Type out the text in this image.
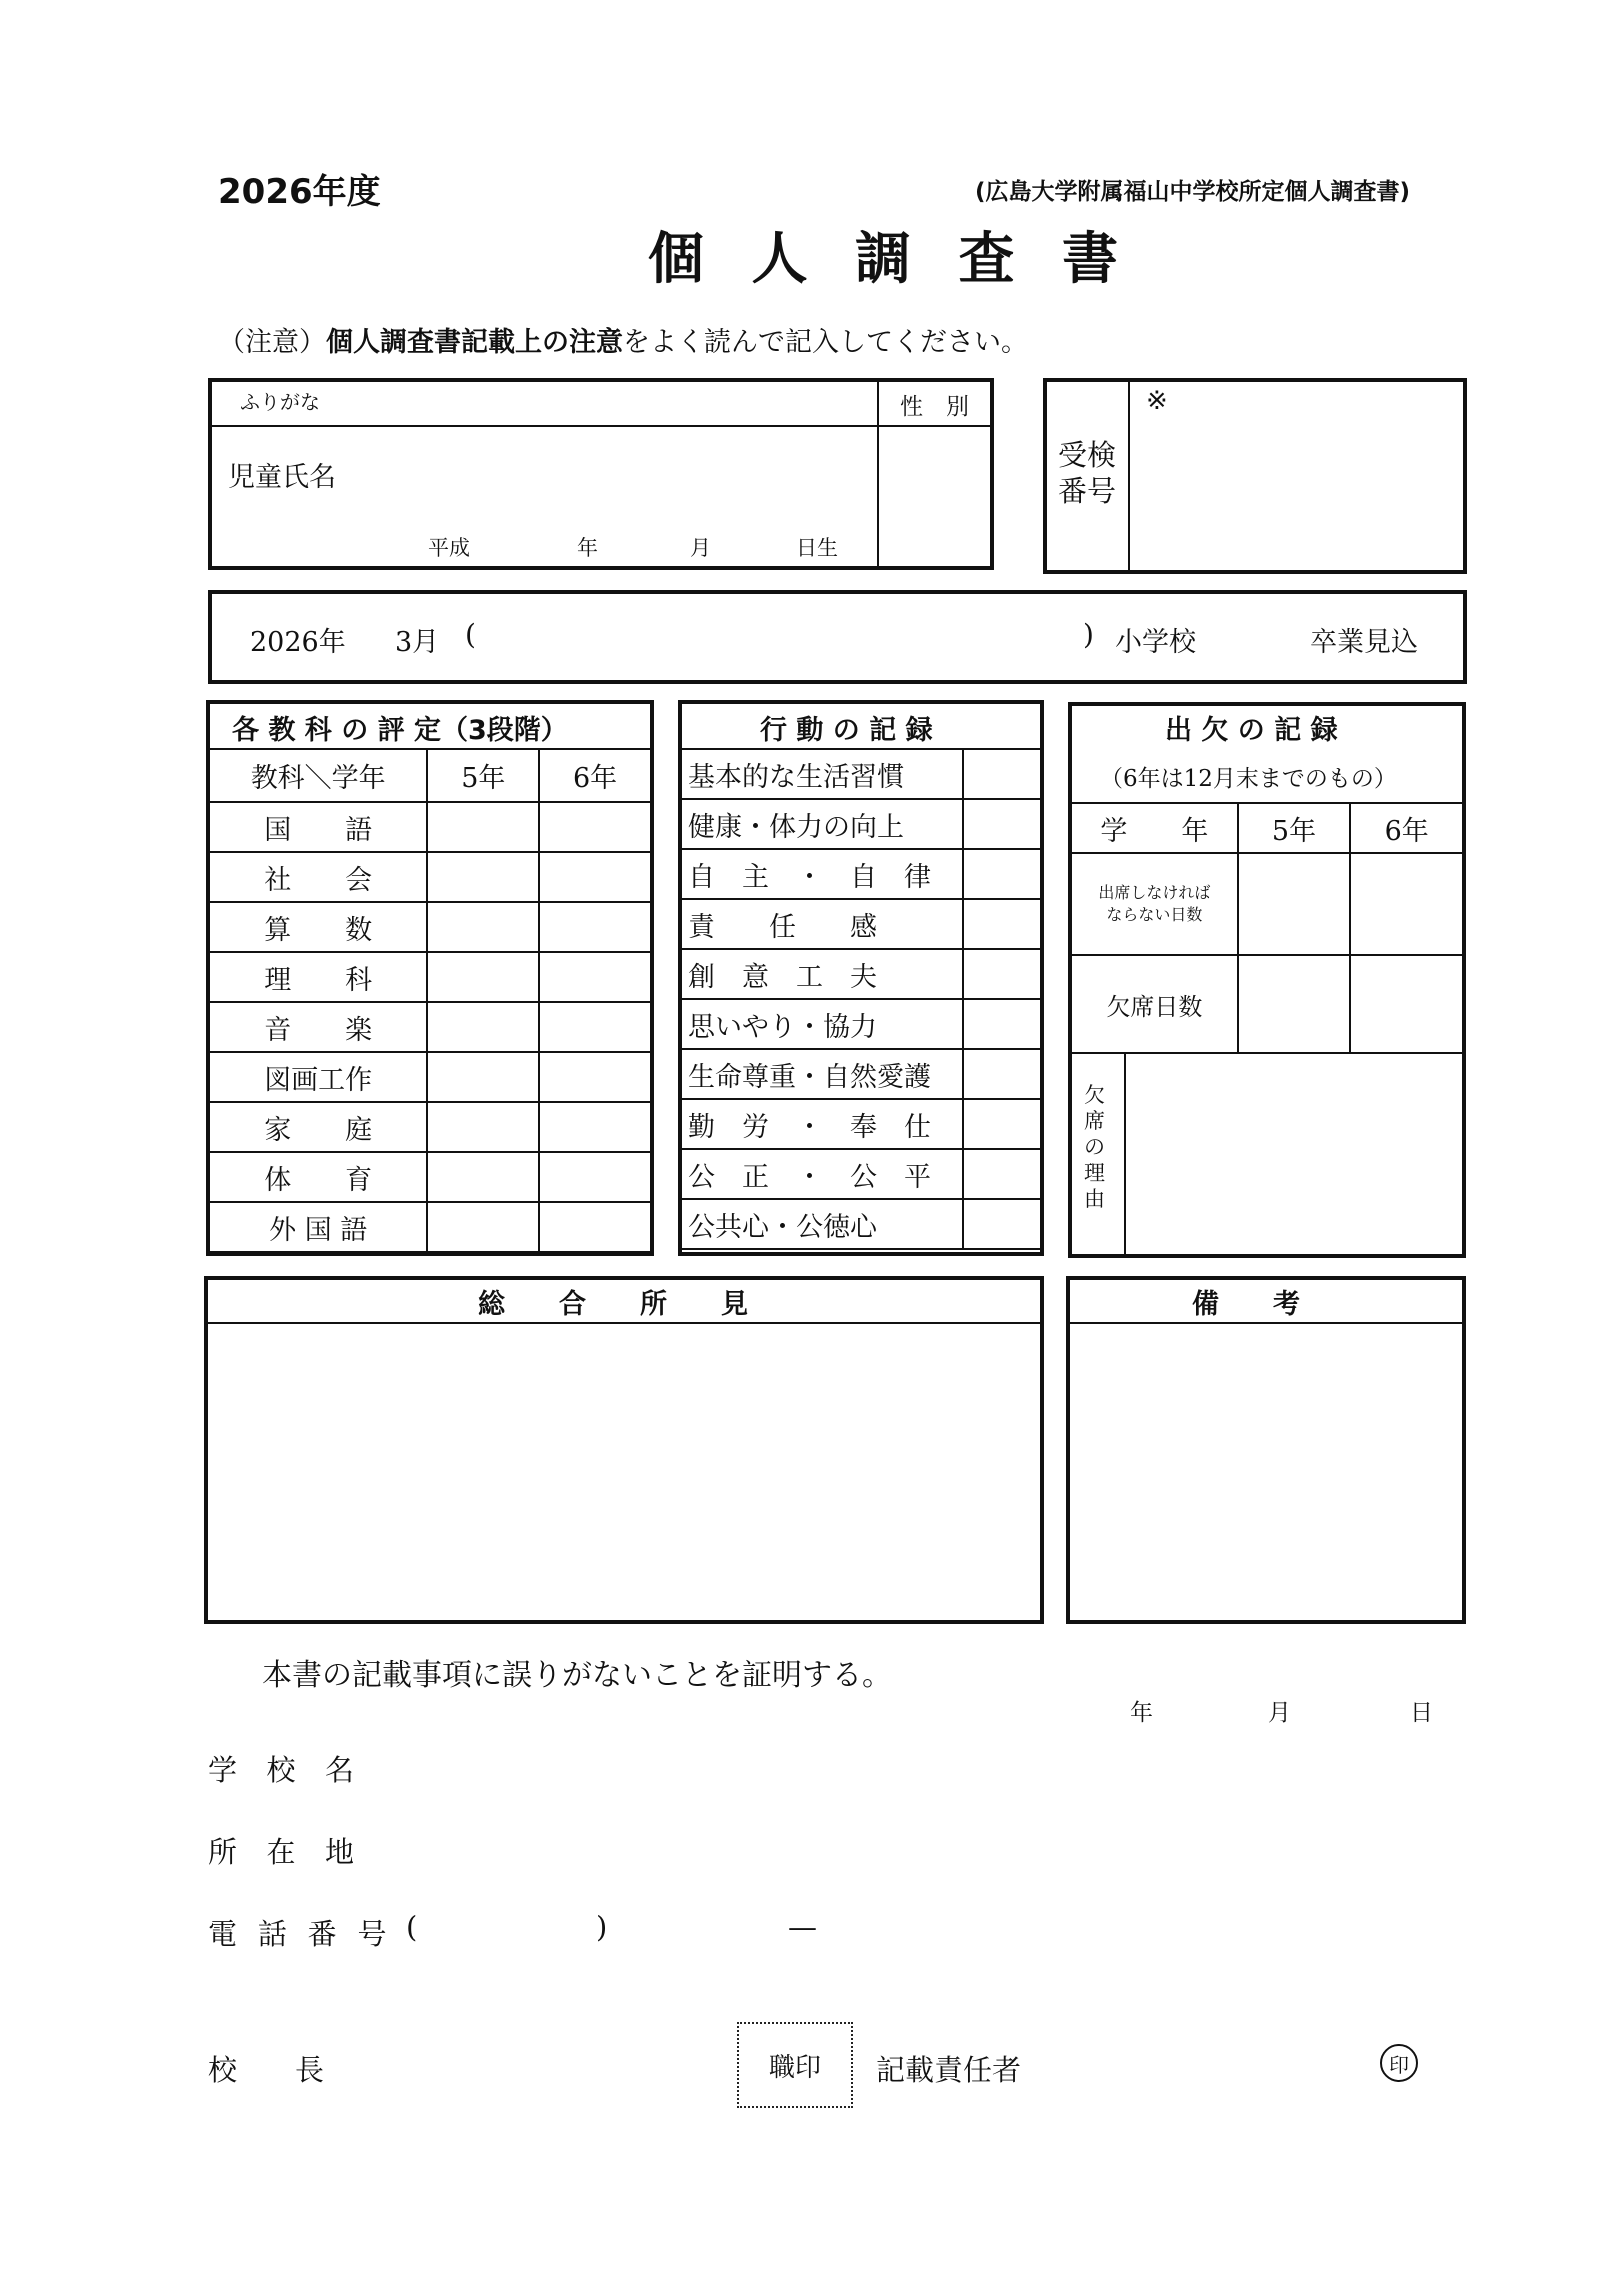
2026年度	(広島大学附属福山中学校所定個人調査書)
個 人 調 査 書
（注意）個人調査書記載上の注意をよく読んで記入してください。
ふりがな	性　別
児童氏名
平成	年	月	日生
受検
番号
※
2026年 3月 (	) 小学校	卒業見込
各 教 科 の 評 定（3段階）
教科＼学年	5年	6年
国　　語		
社　　会		
算　　数		
理　　科		
音　　楽		
図画工作		
家　　庭		
体　　育		
外 国 語		
行 動 の 記 録
基本的な生活習慣	
健康・体力の向上	
自　主　・　自　律	
責　　任　　感	
創　意　工　夫	
思いやり・協力	
生命尊重・自然愛護	
勤　労　・　奉　仕	
公　正　・　公　平	
公共心・公徳心	
出 欠 の 記 録
（6年は12月末までのもの）
学　　年	5年	6年

出席しなければ
ならない日数		

欠席日数		
欠席の理由
総　　合　　所　　見	備　　考
本書の記載事項に誤りがないことを証明する。
年	月	日
学 校 名
所 在 地
電 話 番 号 (	)	—
校　　長	職印 記載責任者	印
